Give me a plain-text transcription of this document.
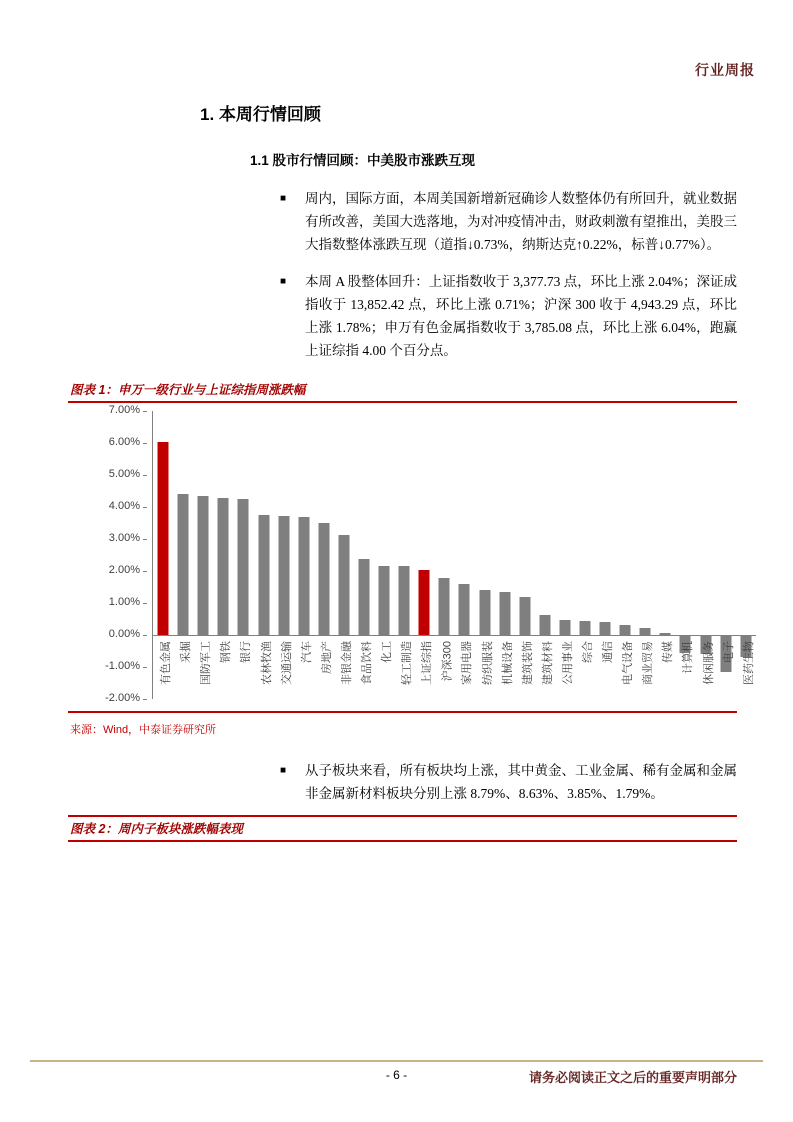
行业周报
1. 本周行情回顾
1.1 股市行情回顾：中美股市涨跌互现
■	周内，国际方面，本周美国新增新冠确诊人数整体仍有所回升，就业数据有所改善，美国大选落地，为对冲疫情冲击，财政刺激有望推出，美股三大指数整体涨跌互现（道指↓0.73%，纳斯达克↑0.22%，标普↓0.77%）。

■	本周 A 股整体回升：上证指数收于 3,377.73 点，环比上涨 2.04%；深证成指收于 13,852.42 点，环比上涨 0.71%；沪深 300 收于 4,943.29 点，环比上涨 1.78%；申万有色金属指数收于 3,785.08 点，环比上涨 6.04%，跑赢上证综指 4.00 个百分点。

图表 1：申万一级行业与上证综指周涨跌幅
7.00%
6.00%
5.00%
4.00%
3.00%
2.00%
1.00%
0.00%
-1.00%
-2.00%
有色金属 采掘 国防军工 钢铁 银行 农林牧渔 交通运输 汽车 房地产 非银金融 食品饮料 化工 轻工制造 上证综指 沪深300 家用电器 纺织服装 机械设备 建筑装饰 建筑材料 公用事业 综合 通信 电气设备 商业贸易 传媒 计算机 休闲服务 电子 医药生物
来源：Wind，中泰证券研究所
■	从子板块来看，所有板块均上涨，其中黄金、工业金属、稀有金属和金属非金属新材料板块分别上涨 8.79%、8.63%、3.85%、1.79%。

图表 2：周内子板块涨跌幅表现
- 6 -	请务必阅读正文之后的重要声明部分
